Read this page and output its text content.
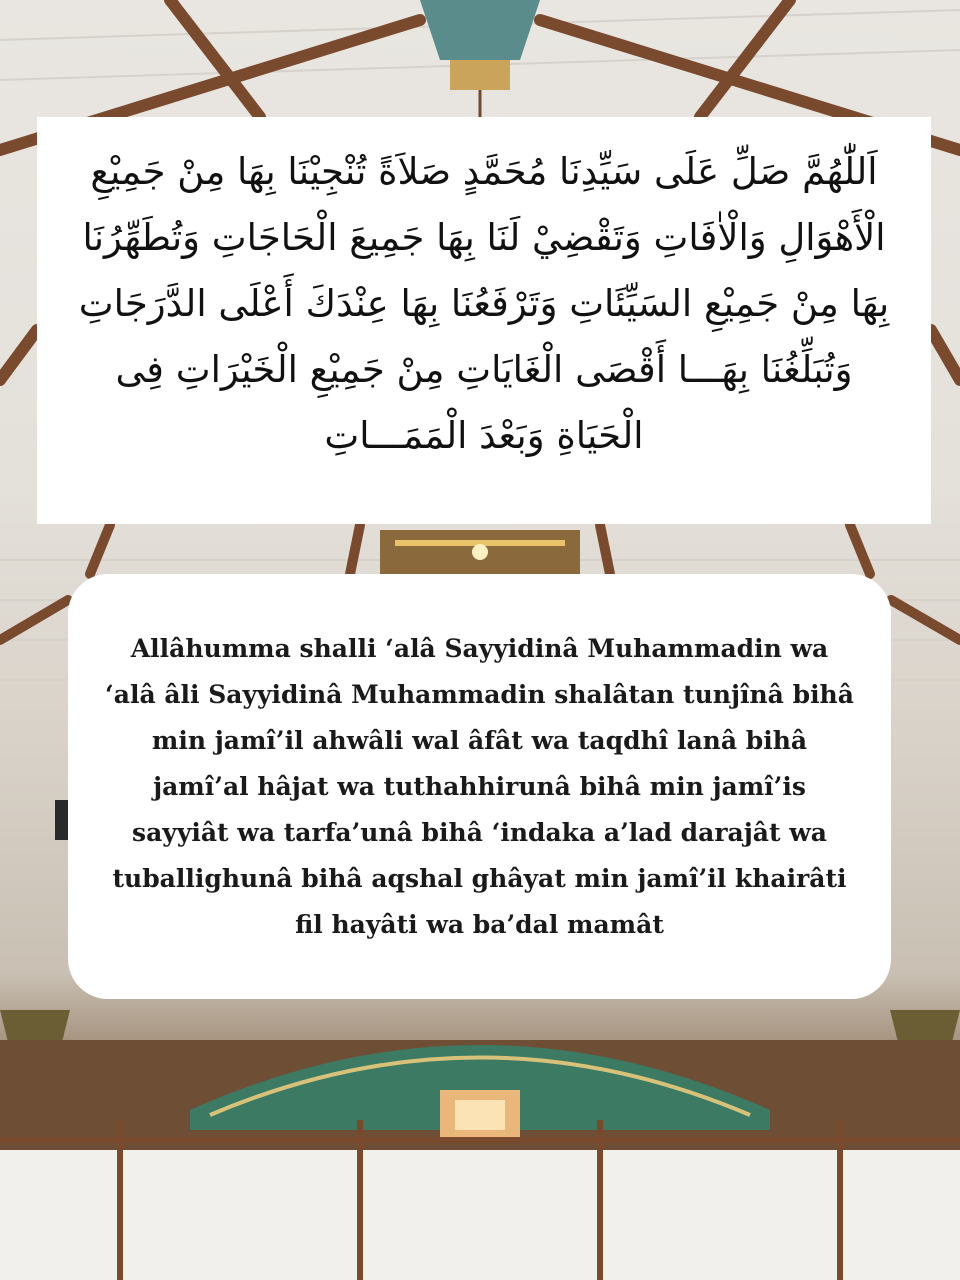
اَللّٰهُمَّ صَلِّ عَلَى سَيِّدِنَا مُحَمَّدٍ صَلاَةً تُنْجِيْنَا بِهَا مِنْ جَمِيْعِ الْأَهْوَالِ وَالْاٰفَاتِ وَتَقْضِيْ لَنَا بِهَا جَمِيعَ الْحَاجَاتِ وَتُطَهِّرُنَا بِهَا مِنْ جَمِيْعِ السَيِّئَاتِ وَتَرْفَعُنَا بِهَا عِنْدَكَ أَعْلَى الدَّرَجَاتِ وَتُبَلِّغُنَا بِهَـــا أَقْصَى الْغَايَاتِ مِنْ جَمِيْعِ الْخَيْرَاتِ فِى الْحَيَاةِ وَبَعْدَ الْمَمَـــاتِ

Allâhumma shalli ‘alâ Sayyidinâ Muhammadin wa ‘alâ âli Sayyidinâ Muhammadin shalâtan tunjînâ bihâ min jamî’il ahwâli wal âfât wa taqdhî lanâ bihâ jamî’al hâjat wa tuthahhirunâ bihâ min jamî’is sayyiât wa tarfa’unâ bihâ ‘indaka a’lad darajât wa tuballighunâ bihâ aqshal ghâyat min jamî’il khairâti fil hayâti wa ba’dal mamât
